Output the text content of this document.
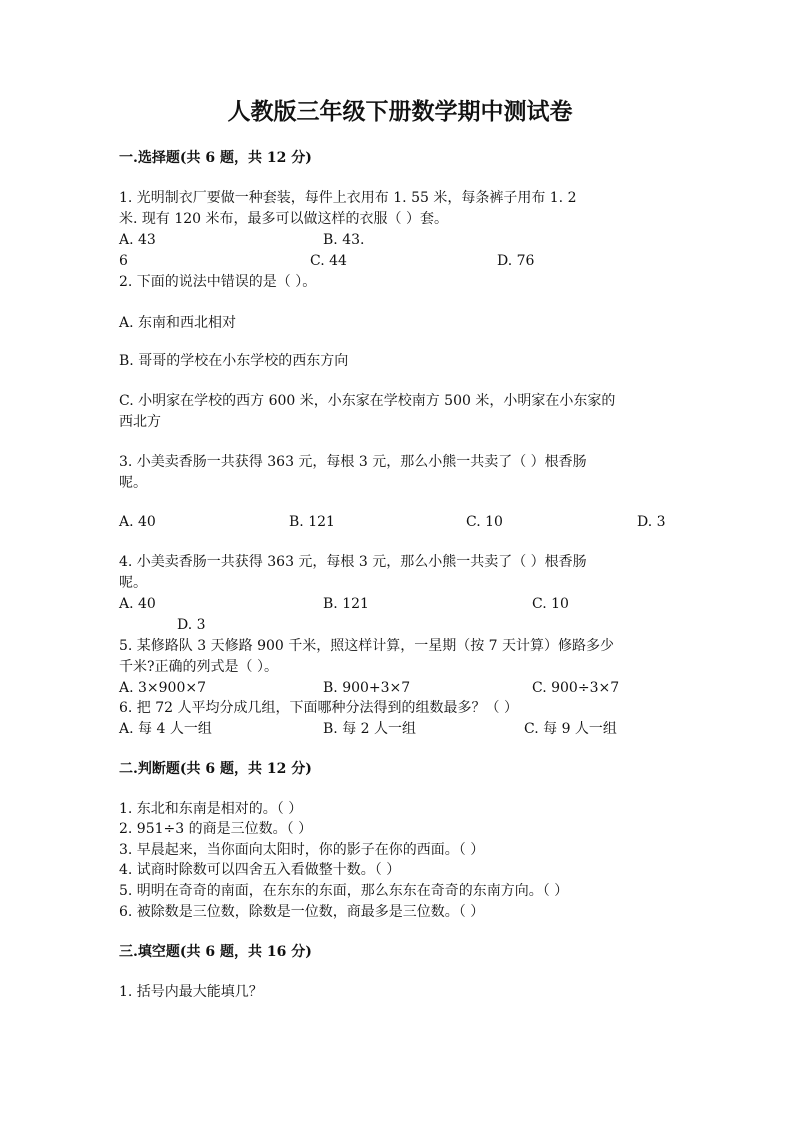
人教版三年级下册数学期中测试卷
一.选择题(共 6 题，共 12 分)
1. 光明制衣厂要做一种套装，每件上衣用布 1. 55 米，每条裤子用布 1. 2
米. 现有 120 米布，最多可以做这样的衣服（ ）套。
A. 43	B. 43.
6	C. 44	D. 76
2. 下面的说法中错误的是（ ）。
A. 东南和西北相对
B. 哥哥的学校在小东学校的西东方向
C. 小明家在学校的西方 600 米，小东家在学校南方 500 米，小明家在小东家的
西北方
3. 小美卖香肠一共获得 363 元，每根 3 元，那么小熊一共卖了（ ）根香肠
呢。
A. 40	B. 121	C. 10	D. 3
4. 小美卖香肠一共获得 363 元，每根 3 元，那么小熊一共卖了（ ）根香肠
呢。
A. 40	B. 121	C. 10
D. 3
5. 某修路队 3 天修路 900 千米，照这样计算，一星期（按 7 天计算）修路多少
千米?正确的列式是（ ）。
A. 3×900×7	B. 900+3×7	C. 900÷3×7
6. 把 72 人平均分成几组，下面哪种分法得到的组数最多？（ ）
A. 每 4 人一组	B. 每 2 人一组	C. 每 9 人一组
二.判断题(共 6 题，共 12 分)
1. 东北和东南是相对的。（ ）
2. 951÷3 的商是三位数。（ ）
3. 早晨起来，当你面向太阳时，你的影子在你的西面。（ ）
4. 试商时除数可以四舍五入看做整十数。（ ）
5. 明明在奇奇的南面，在东东的东面，那么东东在奇奇的东南方向。（ ）
6. 被除数是三位数，除数是一位数，商最多是三位数。（ ）
三.填空题(共 6 题，共 16 分)
1. 括号内最大能填几？
